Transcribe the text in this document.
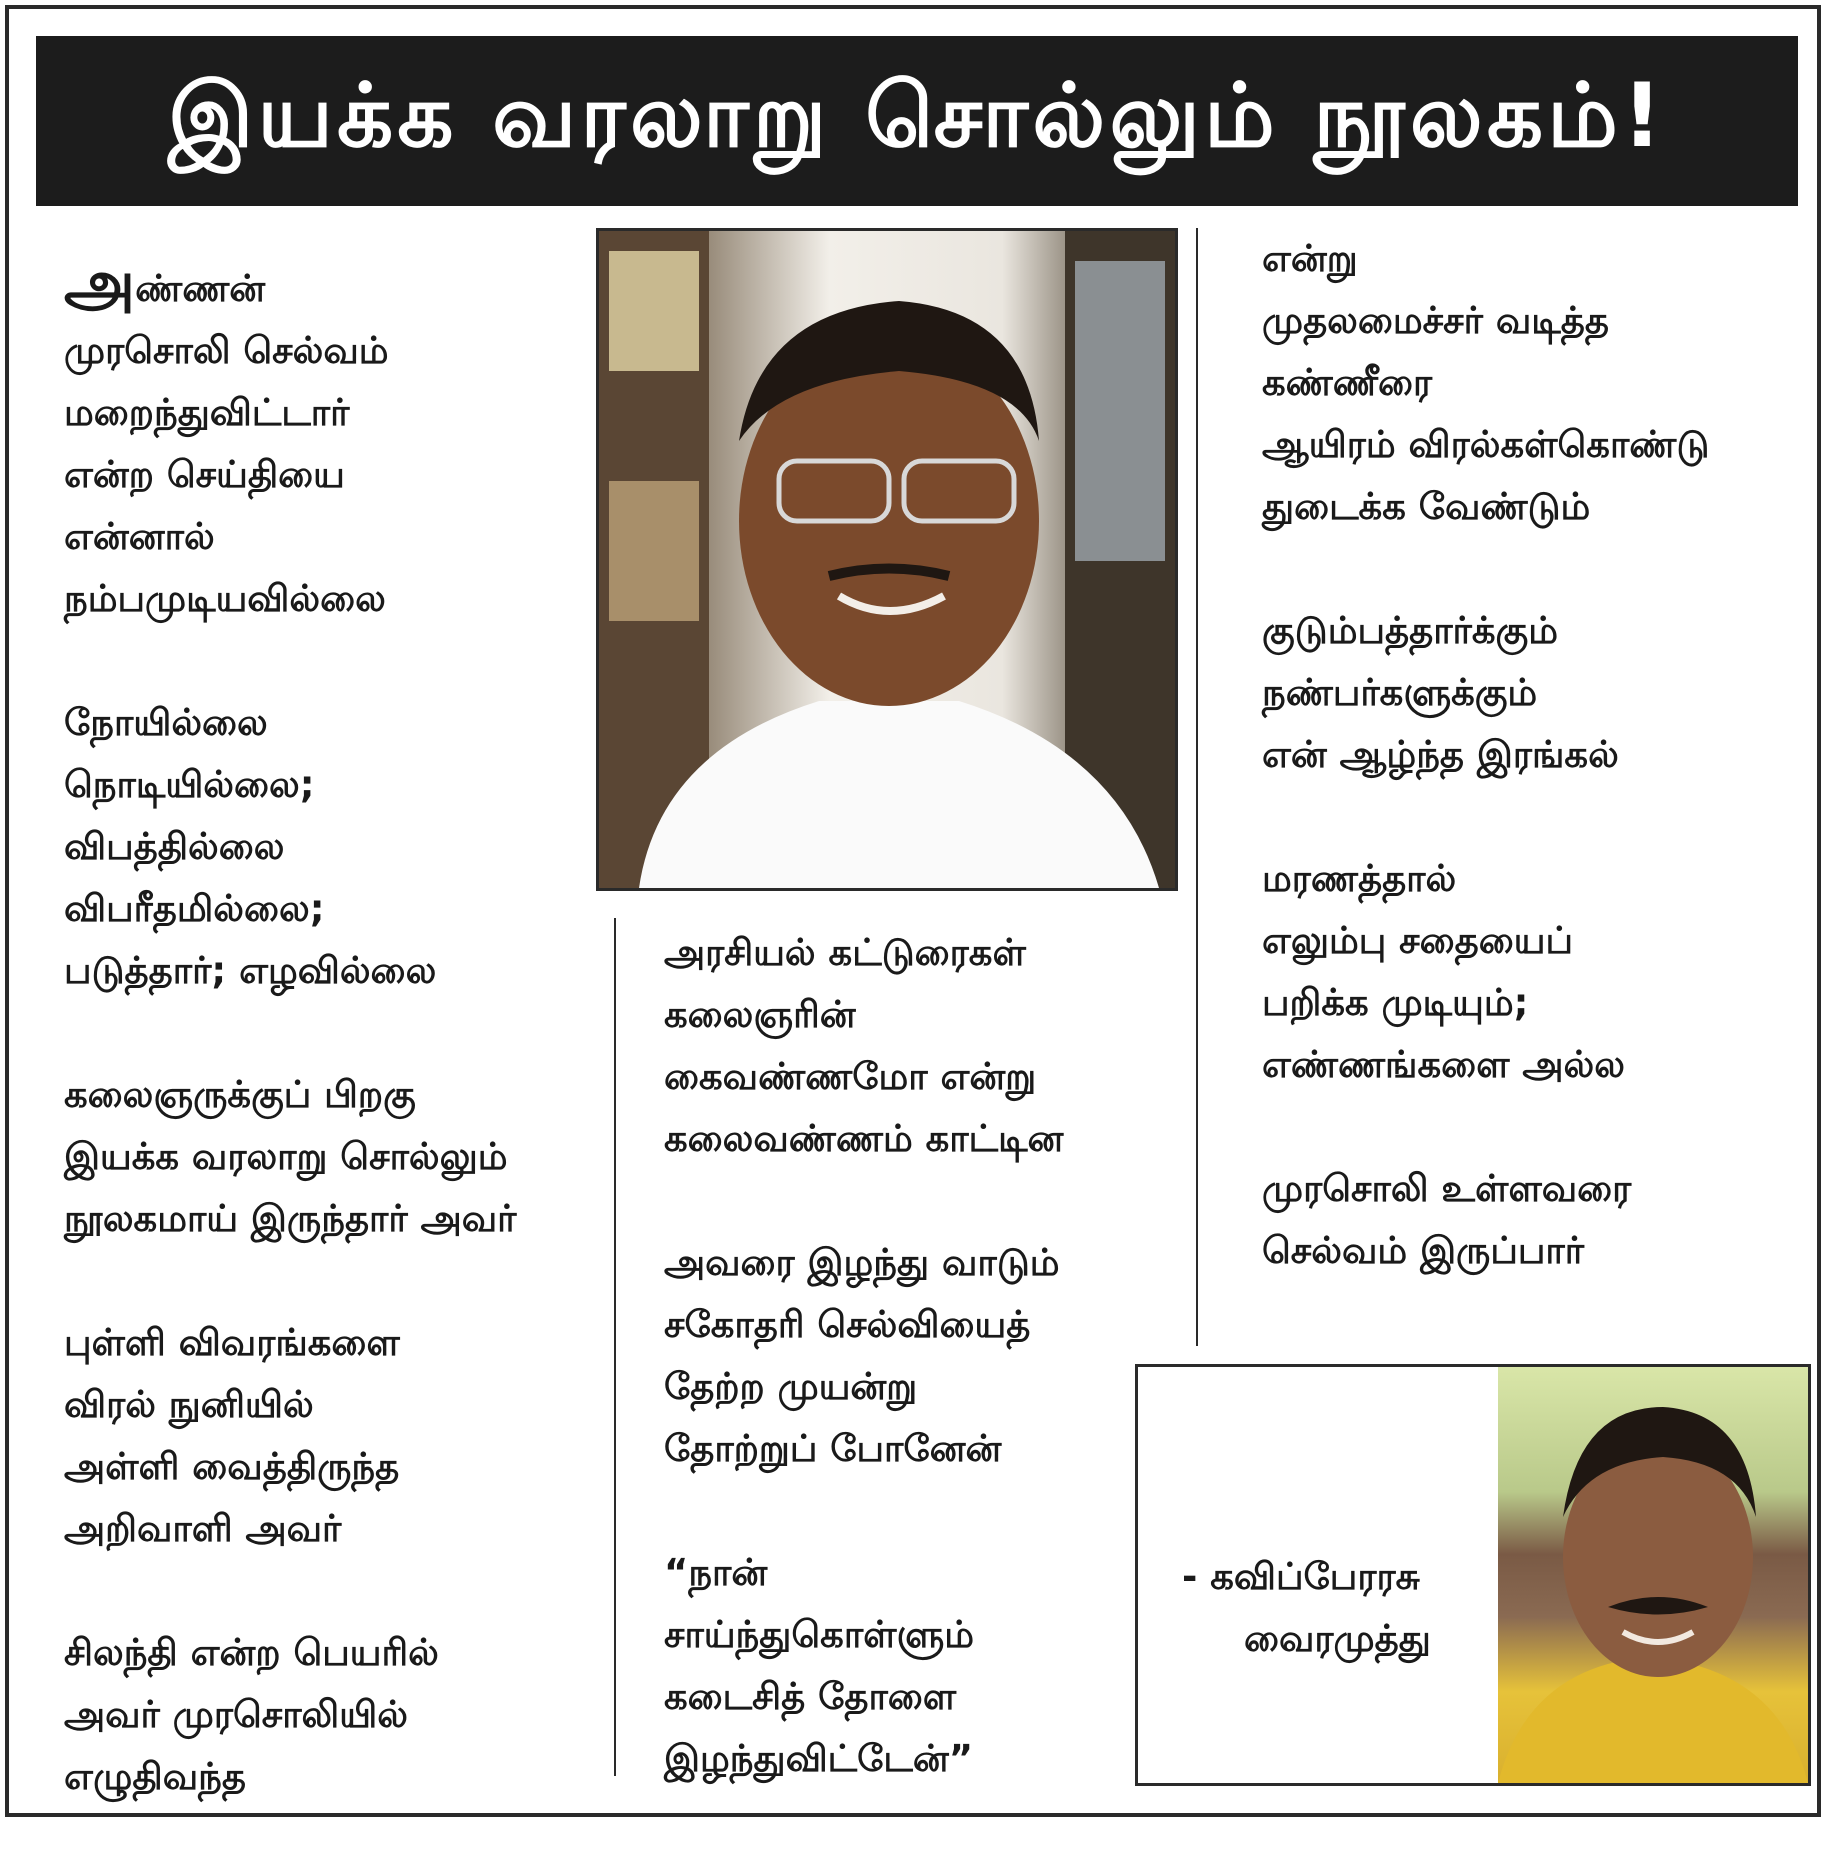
இயக்க வரலாறு சொல்லும் நூலகம்!
அண்ணன்
முரசொலி செல்வம்
மறைந்துவிட்டார்
என்ற செய்தியை
என்னால்
நம்பமுடியவில்லை
நோயில்லை
நொடியில்லை;
விபத்தில்லை
விபரீதமில்லை;
படுத்தார்; எழவில்லை
கலைஞருக்குப் பிறகு
இயக்க வரலாறு சொல்லும்
நூலகமாய் இருந்தார் அவர்
புள்ளி விவரங்களை
விரல் நுனியில்
அள்ளி வைத்திருந்த
அறிவாளி அவர்
சிலந்தி என்ற பெயரில்
அவர் முரசொலியில்
எழுதிவந்த
அரசியல் கட்டுரைகள்
கலைஞரின்
கைவண்ணமோ என்று
கலைவண்ணம் காட்டின
அவரை இழந்து வாடும்
சகோதரி செல்வியைத்
தேற்ற முயன்று
தோற்றுப் போனேன்
“நான்
சாய்ந்துகொள்ளும்
கடைசித் தோளை
இழந்துவிட்டேன்”
என்று
முதலமைச்சர் வடித்த
கண்ணீரை
ஆயிரம் விரல்கள்கொண்டு
துடைக்க வேண்டும்
குடும்பத்தார்க்கும்
நண்பர்களுக்கும்
என் ஆழ்ந்த இரங்கல்
மரணத்தால்
எலும்பு சதையைப்
பறிக்க முடியும்;
எண்ணங்களை அல்ல
முரசொலி உள்ளவரை
செல்வம் இருப்பார்
- கவிப்பேரரசு
வைரமுத்து
